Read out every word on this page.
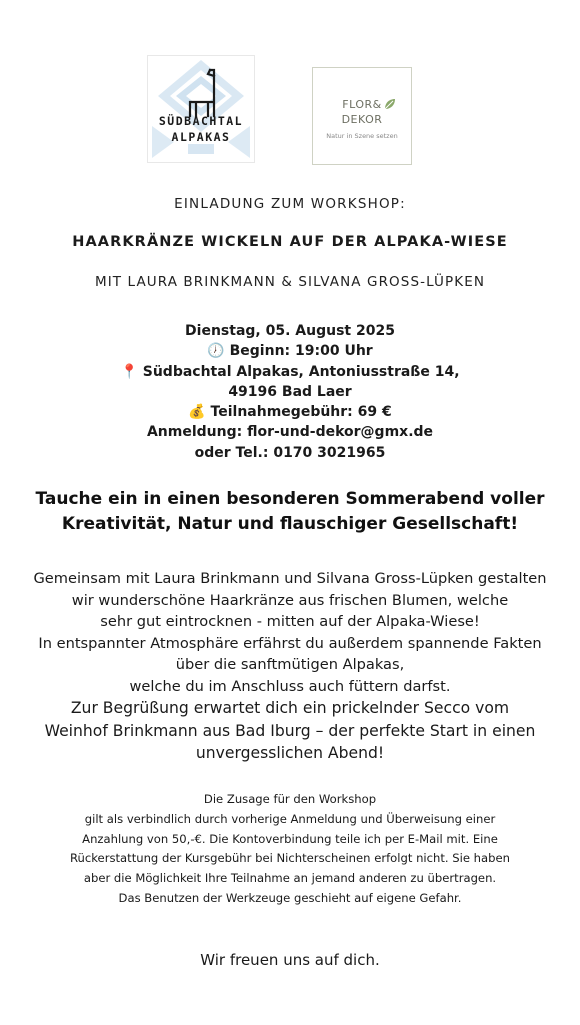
SÜDBACHTAL
ALPAKAS
FLOR&
DEKOR
Natur in Szene setzen
EINLADUNG ZUM WORKSHOP:
HAARKRÄNZE WICKELN AUF DER ALPAKA-WIESE
MIT LAURA BRINKMANN & SILVANA GROSS-LÜPKEN
Dienstag, 05. August 2025
🕖 Beginn: 19:00 Uhr
📍 Südbachtal Alpakas, Antoniusstraße 14,
49196 Bad Laer
💰 Teilnahmegebühr: 69 €
Anmeldung: flor-und-dekor@gmx.de
oder Tel.: 0170 3021965
Tauche ein in einen besonderen Sommerabend voller
Kreativität, Natur und flauschiger Gesellschaft!
Gemeinsam mit Laura Brinkmann und Silvana Gross-Lüpken gestalten
wir wunderschöne Haarkränze aus frischen Blumen, welche
sehr gut eintrocknen - mitten auf der Alpaka-Wiese!
In entspannter Atmosphäre erfährst du außerdem spannende Fakten
über die sanftmütigen Alpakas,
welche du im Anschluss auch füttern darfst.
Zur Begrüßung erwartet dich ein prickelnder Secco vom
Weinhof Brinkmann aus Bad Iburg – der perfekte Start in einen
unvergesslichen Abend!
Die Zusage für den Workshop
gilt als verbindlich durch vorherige Anmeldung und Überweisung einer
Anzahlung von 50,-€. Die Kontoverbindung teile ich per E-Mail mit. Eine
Rückerstattung der Kursgebühr bei Nichterscheinen erfolgt nicht. Sie haben
aber die Möglichkeit Ihre Teilnahme an jemand anderen zu übertragen.
Das Benutzen der Werkzeuge geschieht auf eigene Gefahr.
Wir freuen uns auf dich.
